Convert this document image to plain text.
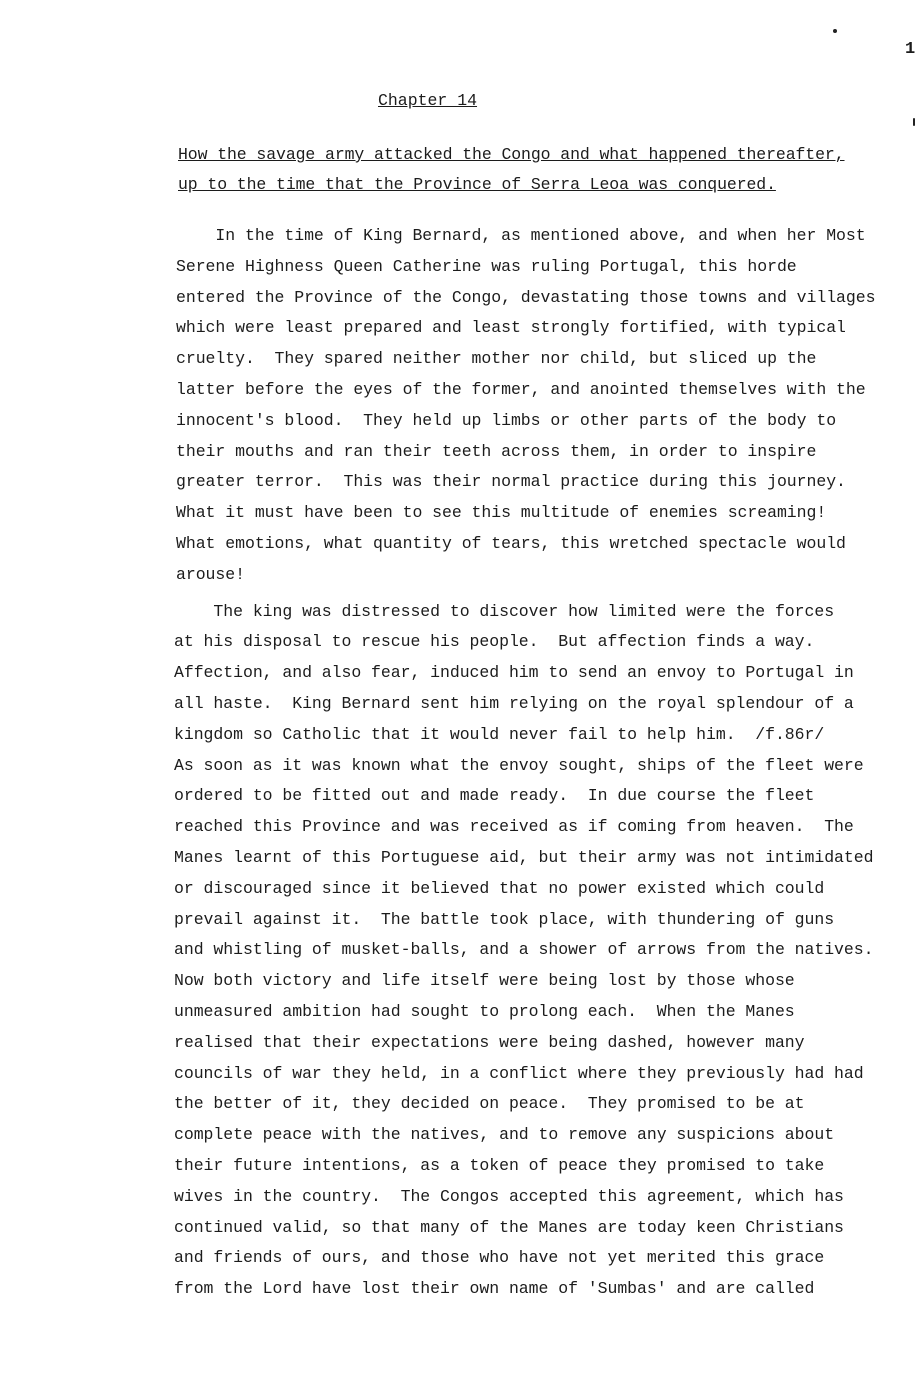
1
Chapter 14
How the savage army attacked the Congo and what happened thereafter,
up to the time that the Province of Serra Leoa was conquered.
In the time of King Bernard, as mentioned above, and when her Most
Serene Highness Queen Catherine was ruling Portugal, this horde
entered the Province of the Congo, devastating those towns and villages
which were least prepared and least strongly fortified, with typical
cruelty.  They spared neither mother nor child, but sliced up the
latter before the eyes of the former, and anointed themselves with the
innocent's blood.  They held up limbs or other parts of the body to
their mouths and ran their teeth across them, in order to inspire
greater terror.  This was their normal practice during this journey.
What it must have been to see this multitude of enemies screaming!
What emotions, what quantity of tears, this wretched spectacle would
arouse!
The king was distressed to discover how limited were the forces
at his disposal to rescue his people.  But affection finds a way.
Affection, and also fear, induced him to send an envoy to Portugal in
all haste.  King Bernard sent him relying on the royal splendour of a
kingdom so Catholic that it would never fail to help him.  /f.86r/
As soon as it was known what the envoy sought, ships of the fleet were
ordered to be fitted out and made ready.  In due course the fleet
reached this Province and was received as if coming from heaven.  The
Manes learnt of this Portuguese aid, but their army was not intimidated
or discouraged since it believed that no power existed which could
prevail against it.  The battle took place, with thundering of guns
and whistling of musket-balls, and a shower of arrows from the natives.
Now both victory and life itself were being lost by those whose
unmeasured ambition had sought to prolong each.  When the Manes
realised that their expectations were being dashed, however many
councils of war they held, in a conflict where they previously had had
the better of it, they decided on peace.  They promised to be at
complete peace with the natives, and to remove any suspicions about
their future intentions, as a token of peace they promised to take
wives in the country.  The Congos accepted this agreement, which has
continued valid, so that many of the Manes are today keen Christians
and friends of ours, and those who have not yet merited this grace
from the Lord have lost their own name of 'Sumbas' and are called
